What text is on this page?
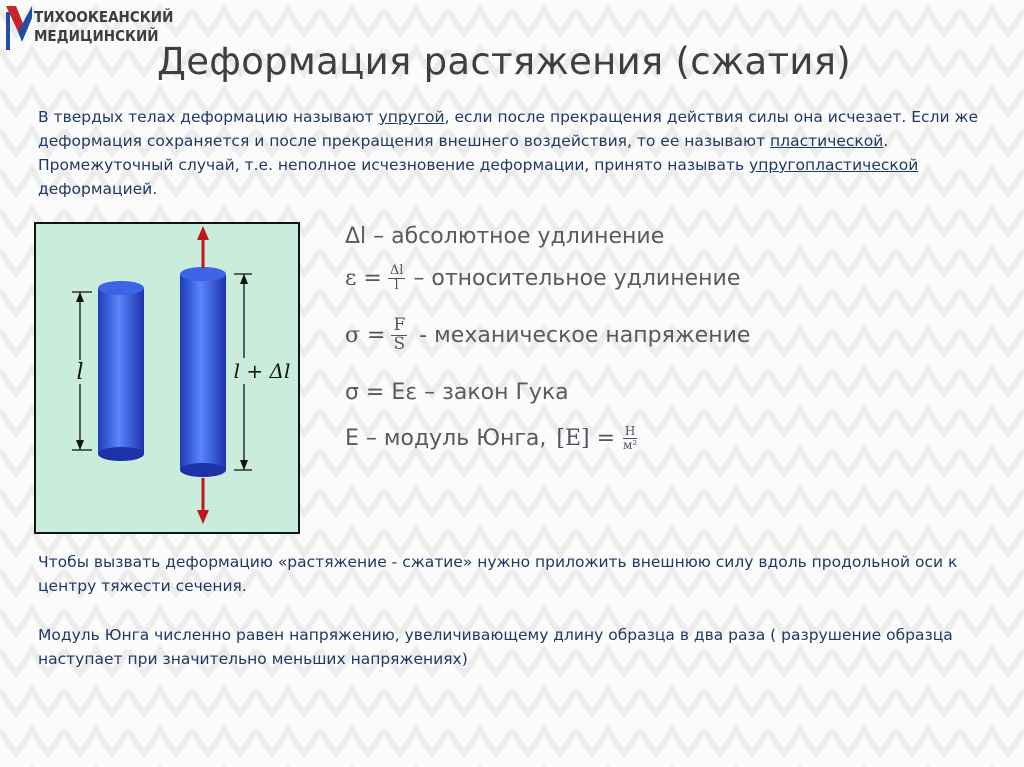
ТИХООКЕАНСКИЙ
МЕДИЦИНСКИЙ
Деформация растяжения (сжатия)
В твердых телах деформацию называют упругой, если после прекращения действия силы она исчезает. Если же деформация сохраняется и после прекращения внешнего воздействия, то ее называют пластической. Промежуточный случай, т.е. неполное исчезновение деформации, принято называть упругопластической деформацией.
l	l + Δl
Δl – абсолютное удлинение
$\varepsilon = \frac{\Delta l}{l}$ – относительное удлинение
$\sigma = \frac{F}{S}$ - механическое напряжение
σ = Eε – закон Гука
E – модуль Юнга, $[E] = \frac{Н}{\text{м²}}$
Чтобы вызвать деформацию «растяжение - сжатие» нужно приложить внешнюю силу вдоль продольной оси к центру тяжести сечения.
Модуль Юнга численно равен напряжению, увеличивающему длину образца в два раза ( разрушение образца наступает при значительно меньших напряжениях)
